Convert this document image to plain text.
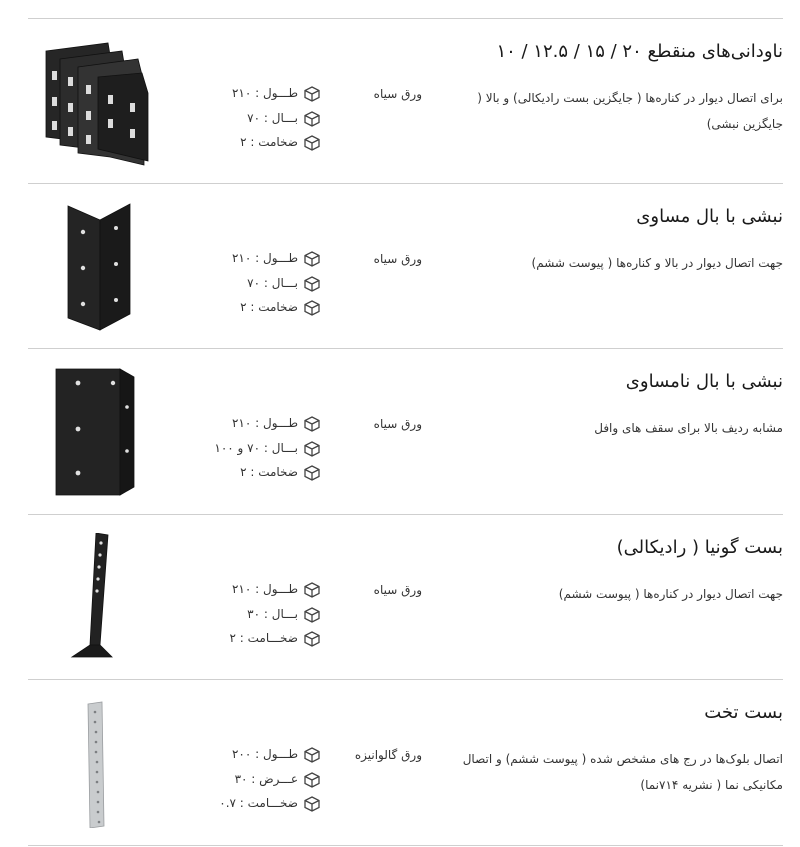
ناودانی‌های منقطع ۲۰ / ۱۵ / ۱۲.۵ / ۱۰
برای اتصال دیوار در کناره‌ها ( جایگزین بست رادیکالی) و بالا ( جایگزین نبشی)
ورق سیاه
طـــول : ۲۱۰
بـــال : ۷۰
ضخامت : ۲
نبشی با بال مساوی
جهت اتصال دیوار در بالا و کناره‌ها ( پیوست ششم)
ورق سیاه
طـــول : ۲۱۰
بـــال : ۷۰
ضخامت : ۲
نبشی با بال نامساوی
مشابه ردیف بالا برای سقف های وافل
ورق سیاه
طـــول : ۲۱۰
بـــال : ۷۰ و ۱۰۰
ضخامت : ۲
بست گونیا ( رادیکالی)
جهت اتصال دیوار در کناره‌ها ( پیوست ششم)
ورق سیاه
طـــول : ۲۱۰
بـــال : ۳۰
ضخـــامت : ۲
بست تخت
اتصال بلوک‌ها در رج های مشخص شده ( پیوست ششم) و اتصال مکانیکی نما ( نشریه ۷۱۴نما)
ورق گالوانیزه
طـــول : ۲۰۰
عـــرض : ۳۰
ضخـــامت : ۰.۷
